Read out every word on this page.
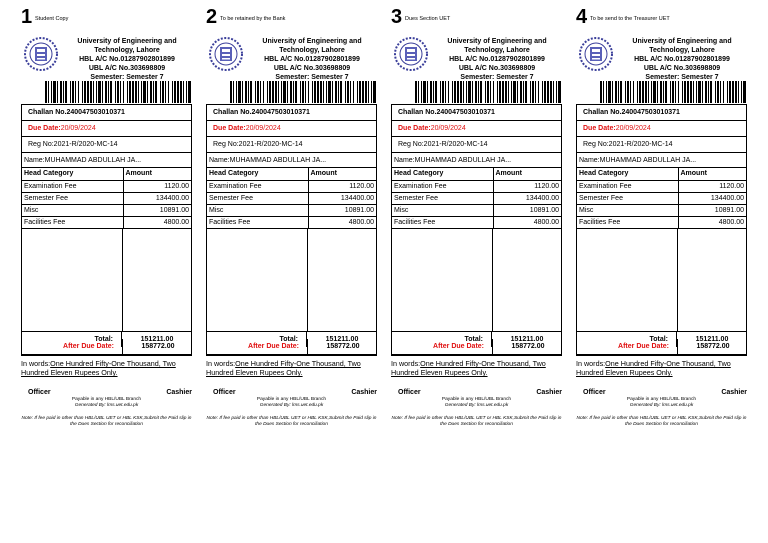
1 Student Copy
University of Engineering and
Technology, Lahore
HBL A/C No.01287902801899
UBL A/C No.303698809
Semester: Semester 7
Challan No.240047503010371
Due Date: 20/09/2024
Reg No:2021-R/2020-MC-14
Name:MUHAMMAD ABDULLAH JA...
Head Category	Amount
Examination Fee	1120.00
Semester Fee	134400.00
Misc	10891.00
Facilities Fee	4800.00
Total:	151211.00
After Due Date:	158772.00
In words:One Hundred Fifty-One Thousand, Two Hundred Eleven Rupees Only.
Officer	Cashier
Payable in any HBL/UBL Branch
Generated By: lms.uet.edu.pk
Note: If fee paid in other than HBL/UBL UET or HBL KSK,Submit the Paid slip in the Dues Section for reconciliation
2 To be retained by the Bank
University of Engineering and
Technology, Lahore
HBL A/C No.01287902801899
UBL A/C No.303698809
Semester: Semester 7
Challan No.240047503010371
Due Date: 20/09/2024
Reg No:2021-R/2020-MC-14
Name:MUHAMMAD ABDULLAH JA...
Head Category	Amount
Examination Fee	1120.00
Semester Fee	134400.00
Misc	10891.00
Facilities Fee	4800.00
Total:	151211.00
After Due Date:	158772.00
In words:One Hundred Fifty-One Thousand, Two Hundred Eleven Rupees Only.
Officer	Cashier
Payable in any HBL/UBL Branch
Generated By: lms.uet.edu.pk
Note: If fee paid in other than HBL/UBL UET or HBL KSK,Submit the Paid slip in the Dues Section for reconciliation
3 Dues Section UET
University of Engineering and
Technology, Lahore
HBL A/C No.01287902801899
UBL A/C No.303698809
Semester: Semester 7
Challan No.240047503010371
Due Date: 20/09/2024
Reg No:2021-R/2020-MC-14
Name:MUHAMMAD ABDULLAH JA...
Head Category	Amount
Examination Fee	1120.00
Semester Fee	134400.00
Misc	10891.00
Facilities Fee	4800.00
Total:	151211.00
After Due Date:	158772.00
In words:One Hundred Fifty-One Thousand, Two Hundred Eleven Rupees Only.
Officer	Cashier
Payable in any HBL/UBL Branch
Generated By: lms.uet.edu.pk
Note: If fee paid in other than HBL/UBL UET or HBL KSK,Submit the Paid slip in the Dues Section for reconciliation
4 To be send to the Treasurer UET
University of Engineering and
Technology, Lahore
HBL A/C No.01287902801899
UBL A/C No.303698809
Semester: Semester 7
Challan No.240047503010371
Due Date: 20/09/2024
Reg No:2021-R/2020-MC-14
Name:MUHAMMAD ABDULLAH JA...
Head Category	Amount
Examination Fee	1120.00
Semester Fee	134400.00
Misc	10891.00
Facilities Fee	4800.00
Total:	151211.00
After Due Date:	158772.00
In words:One Hundred Fifty-One Thousand, Two Hundred Eleven Rupees Only.
Officer	Cashier
Payable in any HBL/UBL Branch
Generated By: lms.uet.edu.pk
Note: If fee paid in other than HBL/UBL UET or HBL KSK,Submit the Paid slip in the Dues Section for reconciliation
